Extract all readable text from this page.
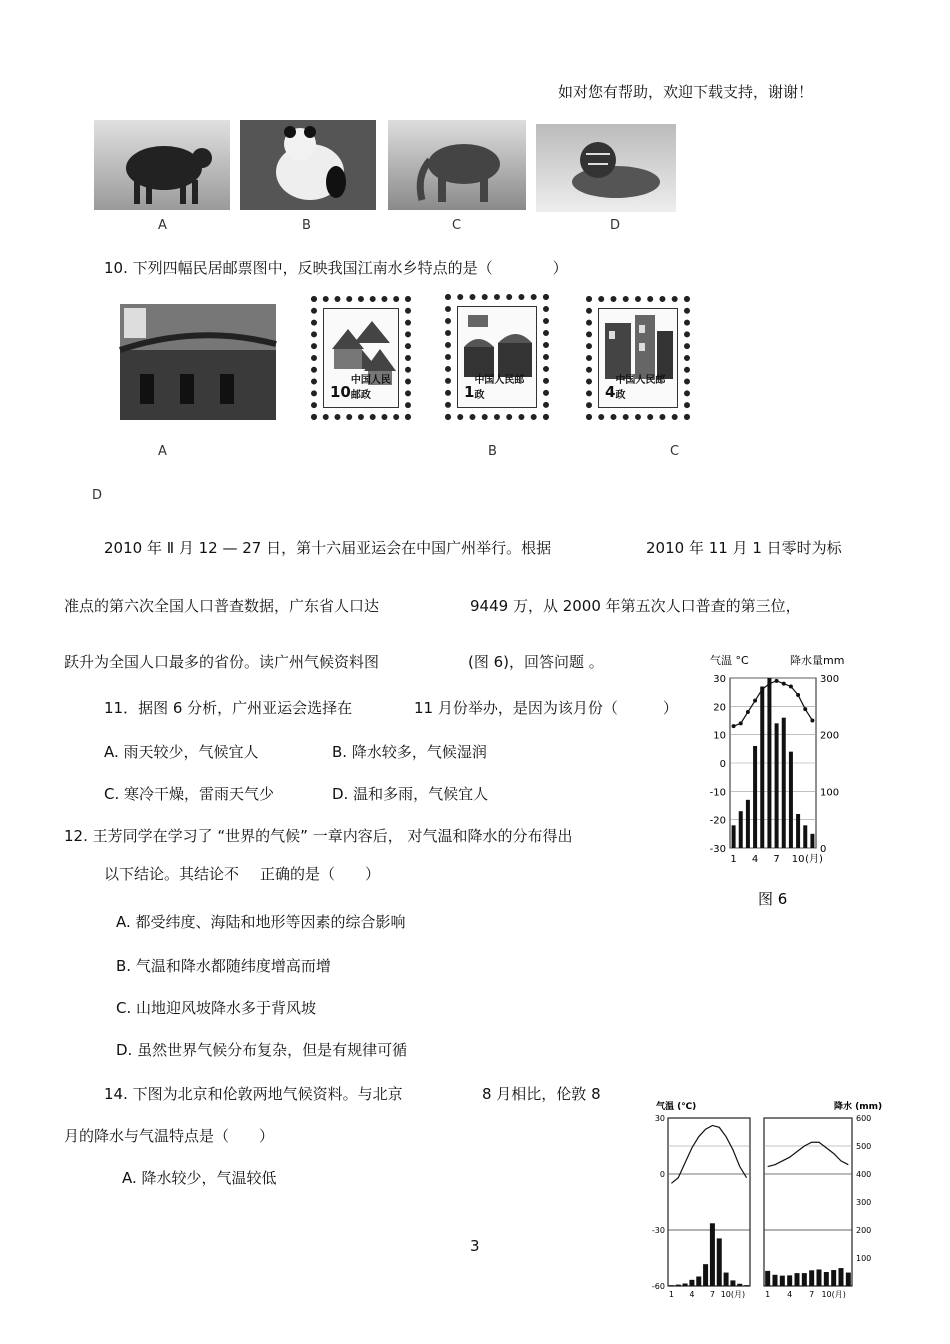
如对您有帮助，欢迎下载支持，谢谢！
A	B	C	D
10. 下列四幅民居邮票图中，反映我国江南水乡特点的是（　　　　）
10
中国人民邮政	1
中国人民邮政	4
中国人民邮政
A	B	C
D
2010 年 Ⅱ 月 12 — 27 日，第十六届亚运会在中国广州举行。根据	2010 年 11 月 1 日零时为标
准点的第六次全国人口普查数据，广东省人口达	9449 万，从 2000 年第五次人口普查的第三位，
跃升为全国人口最多的省份。读广州气候资料图	(图 6)，回答问题 。
11．据图 6 分析，广州亚运会选择在	11 月份举办，是因为该月份（　　　）
A. 雨天较少，气候宜人	B. 降水较多，气候湿润
C. 寒冷干燥，雷雨天气少	D. 温和多雨，气候宜人
12. 王芳同学在学习了 “世界的气候” 一章内容后， 对气温和降水的分布得出
以下结论。其结论不 正确的是（　　）
A. 都受纬度、海陆和地形等因素的综合影响
B. 气温和降水都随纬度增高而增
C. 山地迎风坡降水多于背风坡
D. 虽然世界气候分布复杂，但是有规律可循
14. 下图为北京和伦敦两地气候资料。与北京	8 月相比，伦敦 8
月的降水与气温特点是（　　）
A. 降水较少，气温较低
3
气温 °C	降水量mm
30
20
10
0
-10
-20
-30
300
200
100
0
1 4 7 10 (月)
图 6
气温 (℃)	降水 (mm)
30
0
-30
-60
600
500
400
300
200
100
1 4 7 10(月) 1 4 7 10(月)
